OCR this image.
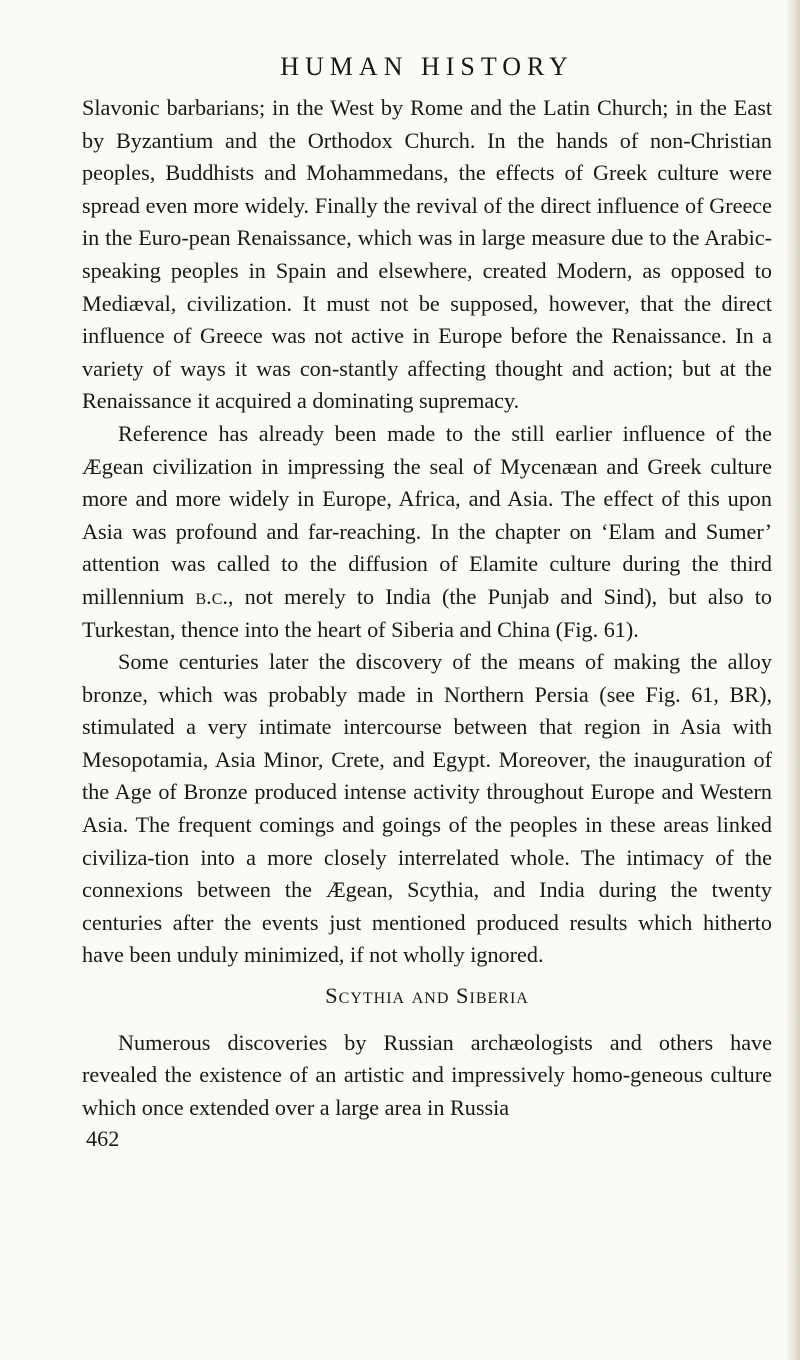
HUMAN HISTORY

Slavonic barbarians; in the West by Rome and the Latin Church; in the East by Byzantium and the Orthodox Church. In the hands of non-Christian peoples, Buddhists and Mohammedans, the effects of Greek culture were spread even more widely. Finally the revival of the direct influence of Greece in the Euro-pean Renaissance, which was in large measure due to the Arabic-speaking peoples in Spain and elsewhere, created Modern, as opposed to Mediæval, civilization. It must not be supposed, however, that the direct influence of Greece was not active in Europe before the Renaissance. In a variety of ways it was con-stantly affecting thought and action; but at the Renaissance it acquired a dominating supremacy.

Reference has already been made to the still earlier influence of the Ægean civilization in impressing the seal of Mycenæan and Greek culture more and more widely in Europe, Africa, and Asia. The effect of this upon Asia was profound and far-reaching. In the chapter on ‘Elam and Sumer’ attention was called to the diffusion of Elamite culture during the third millennium b.c., not merely to India (the Punjab and Sind), but also to Turkestan, thence into the heart of Siberia and China (Fig. 61).

Some centuries later the discovery of the means of making the alloy bronze, which was probably made in Northern Persia (see Fig. 61, BR), stimulated a very intimate intercourse between that region in Asia with Mesopotamia, Asia Minor, Crete, and Egypt. Moreover, the inauguration of the Age of Bronze produced intense activity throughout Europe and Western Asia. The frequent comings and goings of the peoples in these areas linked civiliza-tion into a more closely interrelated whole. The intimacy of the connexions between the Ægean, Scythia, and India during the twenty centuries after the events just mentioned produced results which hitherto have been unduly minimized, if not wholly ignored.

Scythia and Siberia

Numerous discoveries by Russian archæologists and others have revealed the existence of an artistic and impressively homo-geneous culture which once extended over a large area in Russia

462
